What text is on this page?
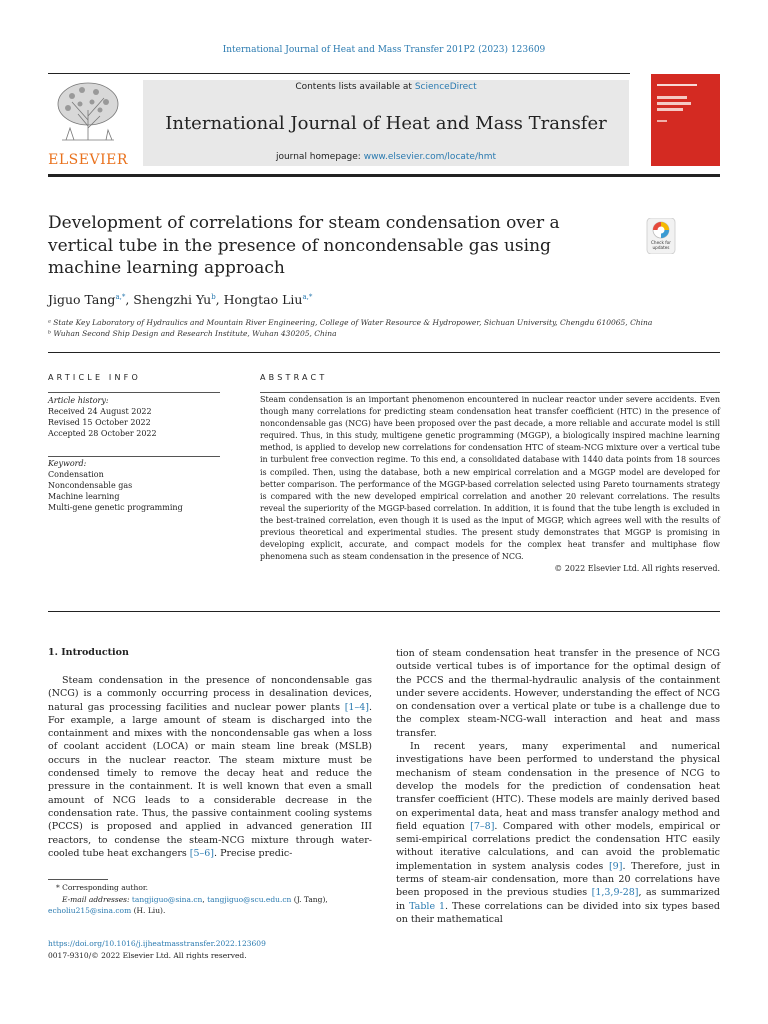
International Journal of Heat and Mass Transfer 201P2 (2023) 123609
ELSEVIER
Contents lists available at ScienceDirect
International Journal of Heat and Mass Transfer
journal homepage: www.elsevier.com/locate/hmt
Development of correlations for steam condensation over a vertical tube in the presence of noncondensable gas using machine learning approach
Check for
updates
Jiguo Tang$^{a,*}$, Shengzhi Yu$^b$, Hongtao Liu$^{a,*}$
ᵃ State Key Laboratory of Hydraulics and Mountain River Engineering, College of Water Resource & Hydropower, Sichuan University, Chengdu 610065, China
ᵇ Wuhan Second Ship Design and Research Institute, Wuhan 430205, China
ARTICLE INFO	ABSTRACT
Article history:
Received 24 August 2022
Revised 15 October 2022
Accepted 28 October 2022
Keyword:
Condensation
Noncondensable gas
Machine learning
Multi-gene genetic programming
Steam condensation is an important phenomenon encountered in nuclear reactor under severe accidents. Even though many correlations for predicting steam condensation heat transfer coefficient (HTC) in the presence of noncondensable gas (NCG) have been proposed over the past decade, a more reliable and accurate model is still required. Thus, in this study, multigene genetic programming (MGGP), a biologically inspired machine learning method, is applied to develop new correlations for condensation HTC of steam-NCG mixture over a vertical tube in turbulent free convection regime. To this end, a consolidated database with 1440 data points from 18 sources is compiled. Then, using the database, both a new empirical correlation and a MGGP model are developed for better comparison. The performance of the MGGP-based correlation selected using Pareto tournaments strategy is compared with the new developed empirical correlation and another 20 relevant correlations. The results reveal the superiority of the MGGP-based correlation. In addition, it is found that the tube length is excluded in the best-trained correlation, even though it is used as the input of MGGP, which agrees well with the results of previous theoretical and experimental studies. The present study demonstrates that MGGP is promising in developing explicit, accurate, and compact models for the complex heat transfer and multiphase flow phenomena such as steam condensation in the presence of NCG.
© 2022 Elsevier Ltd. All rights reserved.
1. Introduction

Steam condensation in the presence of noncondensable gas (NCG) is a commonly occurring process in desalination devices, natural gas processing facilities and nuclear power plants [1–4]. For example, a large amount of steam is discharged into the containment and mixes with the noncondensable gas when a loss of coolant accident (LOCA) or main steam line break (MSLB) occurs in the nuclear reactor. The steam mixture must be condensed timely to remove the decay heat and reduce the pressure in the containment. It is well known that even a small amount of NCG leads to a considerable decrease in the condensation rate. Thus, the passive containment cooling systems (PCCS) is proposed and applied in advanced generation III reactors, to condense the steam-NCG mixture through water-cooled tube heat exchangers [5–6]. Precise predic-

tion of steam condensation heat transfer in the presence of NCG outside vertical tubes is of importance for the optimal design of the PCCS and the thermal-hydraulic analysis of the containment under severe accidents. However, understanding the effect of NCG on condensation over a vertical plate or tube is a challenge due to the complex steam-NCG-wall interaction and heat and mass transfer.

In recent years, many experimental and numerical investigations have been performed to understand the physical mechanism of steam condensation in the presence of NCG to develop the models for the prediction of condensation heat transfer coefficient (HTC). These models are mainly derived based on experimental data, heat and mass transfer analogy method and field equation [7–8]. Compared with other models, empirical or semi-empirical correlations predict the condensation HTC easily without iterative calculations, and can avoid the problematic implementation in system analysis codes [9]. Therefore, just in terms of steam-air condensation, more than 20 correlations have been proposed in the previous studies [1,3,9-28], as summarized in Table 1. These correlations can be divided into six types based on their mathematical

* Corresponding author.
E-mail addresses: tangjiguo@sina.cn, tangjiguo@scu.edu.cn (J. Tang),
echoliu215@sina.com (H. Liu).
https://doi.org/10.1016/j.ijheatmasstransfer.2022.123609
0017-9310/© 2022 Elsevier Ltd. All rights reserved.
